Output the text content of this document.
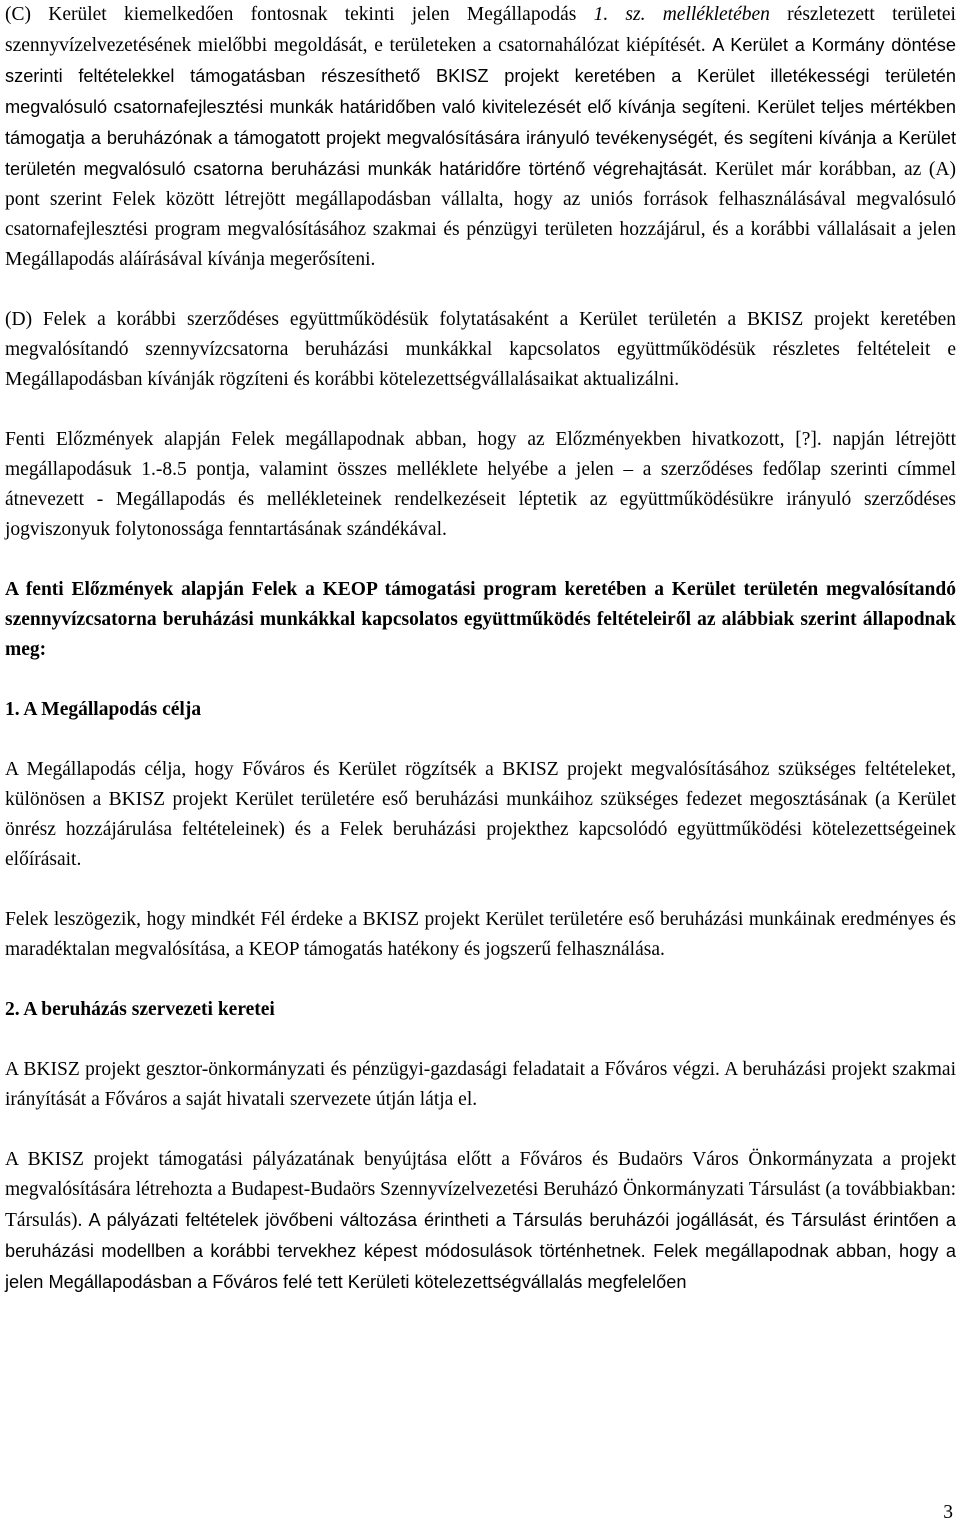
(C) Kerület kiemelkedően fontosnak tekinti jelen Megállapodás 1. sz. mellékletében részletezett területei szennyvízelvezetésének mielőbbi megoldását, e területeken a csatornahálózat kiépítését. A Kerület a Kormány döntése szerinti feltételekkel támogatásban részesíthető BKISZ projekt keretében a Kerület illetékességi területén megvalósuló csatornafejlesztési munkák határidőben való kivitelezését elő kívánja segíteni. Kerület teljes mértékben támogatja a beruházónak a támogatott projekt megvalósítására irányuló tevékenységét, és segíteni kívánja a Kerület területén megvalósuló csatorna beruházási munkák határidőre történő végrehajtását. Kerület már korábban, az (A) pont szerint Felek között létrejött megállapodásban vállalta, hogy az uniós források felhasználásával megvalósuló csatornafejlesztési program megvalósításához szakmai és pénzügyi területen hozzájárul, és a korábbi vállalásait a jelen Megállapodás aláírásával kívánja megerősíteni.

(D) Felek a korábbi szerződéses együttműködésük folytatásaként a Kerület területén a BKISZ projekt keretében megvalósítandó szennyvízcsatorna beruházási munkákkal kapcsolatos együttműködésük részletes feltételeit e Megállapodásban kívánják rögzíteni és korábbi kötelezettségvállalásaikat aktualizálni.

Fenti Előzmények alapján Felek megállapodnak abban, hogy az Előzményekben hivatkozott, [?]. napján létrejött megállapodásuk 1.-8.5 pontja, valamint összes melléklete helyébe a jelen – a szerződéses fedőlap szerinti címmel átnevezett - Megállapodás és mellékleteinek rendelkezéseit léptetik az együttműködésükre irányuló szerződéses jogviszonyuk folytonossága fenntartásának szándékával.

A fenti Előzmények alapján Felek a KEOP támogatási program keretében a Kerület területén megvalósítandó szennyvízcsatorna beruházási munkákkal kapcsolatos együttműködés feltételeiről az alábbiak szerint állapodnak meg:

1. A Megállapodás célja

A Megállapodás célja, hogy Főváros és Kerület rögzítsék a BKISZ projekt megvalósításához szükséges feltételeket, különösen a BKISZ projekt Kerület területére eső beruházási munkáihoz szükséges fedezet megosztásának (a Kerület önrész hozzájárulása feltételeinek) és a Felek beruházási projekthez kapcsolódó együttműködési kötelezettségeinek előírásait.

Felek leszögezik, hogy mindkét Fél érdeke a BKISZ projekt Kerület területére eső beruházási munkáinak eredményes és maradéktalan megvalósítása, a KEOP támogatás hatékony és jogszerű felhasználása.

2. A beruházás szervezeti keretei

A BKISZ projekt gesztor-önkormányzati és pénzügyi-gazdasági feladatait a Főváros végzi. A beruházási projekt szakmai irányítását a Főváros a saját hivatali szervezete útján látja el.

A BKISZ projekt támogatási pályázatának benyújtása előtt a Főváros és Budaörs Város Önkormányzata a projekt megvalósítására létrehozta a Budapest-Budaörs Szennyvízelvezetési Beruházó Önkormányzati Társulást (a továbbiakban: Társulás). A pályázati feltételek jövőbeni változása érintheti a Társulás beruházói jogállását, és Társulást érintően a beruházási modellben a korábbi tervekhez képest módosulások történhetnek. Felek megállapodnak abban, hogy a jelen Megállapodásban a Főváros felé tett Kerületi kötelezettségvállalás megfelelően

3
